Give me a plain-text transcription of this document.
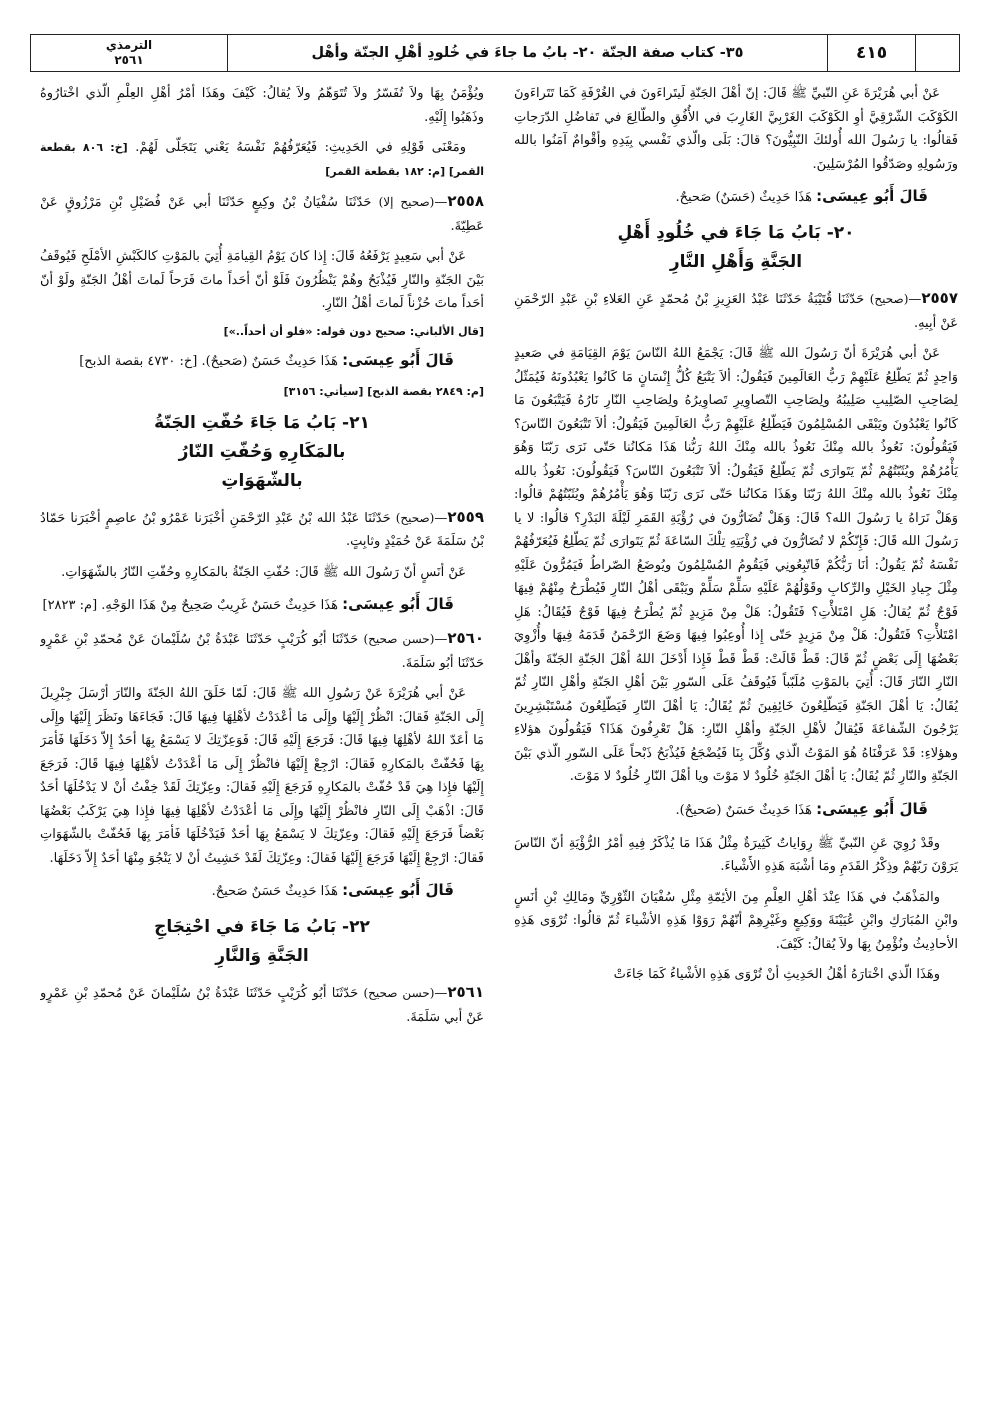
٤١٥
٣٥- كتاب صفة الجنّة ٢٠- بابُ ما جاءَ في خُلودِ أهْلِ الجنّة وأهْل
الترمذي
٢٥٦١

عَنْ أبي هُرَيْرَةَ عَنِ النّبيِّ ﷺ قَالَ: إنّ أهْلَ الجَنّةِ لَيتَراءَونَ في الغُرْفَةِ كَمَا تَتَراءَونَ الكَوْكَبَ الشّرْقِيَّ أوِ الكَوْكَبَ الغَرْبِيَّ الغَارِبَ في الأُفُقِ والطّالِعَ في تَفاضُلِ الدّرَجاتِ فَقالُوا: يا رَسُولَ الله أُولئكَ النّبِيُّونَ؟ قالَ: بَلَى والّذي نَفْسي بِيَدِهِ وأقْوامٌ آمَنُوا بالله ورَسُولِهِ وصَدّقُوا المُرْسَلِينَ.

قَالَ أَبُو عِيسَى: هَذَا حَدِيثٌ (حَسَنٌ) صَحيحٌ.
٢٠- بَابُ مَا جَاءَ في خُلُودِ أَهْلِ
الجَنَّةِ وَأَهْلِ النَّارِ

٢٥٥٧—(صحيح) حَدّثَنَا قُتَيْبَةُ حَدّثَنَا عَبْدُ العَزِيزِ بْنُ مُحمّدٍ عَنِ العَلاءِ بْنِ عَبْدِ الرّحْمَنِ عَنْ أبِيهِ.

عَنْ أبي هُرَيْرَةَ أنّ رَسُولَ الله ﷺ قَالَ: يَجْمَعُ اللهُ النّاسَ يَوْمَ القِيَامَةِ في صَعيدٍ وَاحِدٍ ثُمّ يَطّلِعُ عَلَيْهِمْ رَبُّ العَالَمِينَ فَيَقُولُ: ألاَ يَتْبَعُ كُلُّ إِنْسَانٍ مَا كَانُوا يَعْبُدُونَهُ فَيُمَثّلُ لِصَاحِبِ الصّلِيبِ صَلِيبُهُ ولِصَاحِبِ التّصاوِيرِ تَصاوِيرُهُ ولِصَاحِبِ النّارِ نَارُهُ فَيَتْبَعُونَ مَا كَانُوا يَعْبُدُونَ ويَبْقَى المُسْلِمُونَ فَيَطّلِعُ عَلَيْهِمْ رَبُّ العَالَمِينَ فَيَقُولُ: ألاَ تَتْبَعُونَ النّاسَ؟ فَيَقُولُونَ: نَعُوذُ بالله مِنْكَ نَعُوذُ بالله مِنْكَ اللهُ رَبُّنا هَذَا مَكانُنا حَتّى نَرَى رَبّنَا وَهُوَ يَأْمُرُهُمْ ويُثَبّتُهُمْ ثُمّ يَتَوارَى ثُمّ يَطّلِعُ فَيَقُولُ: ألاَ تَتْبَعُونَ النّاسَ؟ فَيَقُولُونَ: نَعُوذُ بالله مِنْكَ نَعُوذُ بالله مِنْكَ اللهُ رَبّنَا وهَذَا مَكانُنا حَتّى نَرَى رَبّنَا وَهُوَ يَأْمُرُهُمْ ويُثَبّتُهُمْ قالُوا: وَهَلْ نَرَاهُ يا رَسُولَ الله؟ قَالَ: وَهَلْ تُضَارُّونَ في رُؤْيَةِ القَمَرِ لَيْلَةَ البَدْرِ؟ قالُوا: لا يا رَسُولَ الله قَالَ: فَإِنّكُمْ لا تُضَارُّونَ في رُؤْيَتِهِ تِلْكَ السّاعَةَ ثُمّ يَتَوارَى ثُمّ يَطّلِعُ فَيُعَرّفُهُمْ نَفْسَهُ ثُمّ يَقُولُ: أنَا رَبُّكُمْ فَاتّبِعُونِي فَيَقُومُ المُسْلِمُونَ ويُوضَعُ الصّراطُ فَيَمُرُّونَ عَلَيْهِ مِثْلَ جِيادِ الخَيْلِ والرِّكابِ وقَوْلُهُمْ عَلَيْهِ سَلِّمْ سَلِّمْ ويَبْقَى أهْلُ النّارِ فَيُطْرَحُ مِنْهُمْ فِيهَا فَوْجٌ ثُمّ يُقالُ: هَلِ امْتَلأْتِ؟ فَتَقُولُ: هَلْ مِنْ مَزِيدٍ ثُمّ يُطْرَحُ فِيهَا فَوْجٌ فَيُقَالُ: هَلِ امْتَلأْتِ؟ فَتَقُولُ: هَلْ مِنْ مَزِيدٍ حَتّى إِذا أُوعِبُوا فِيهَا وَضَعَ الرّحْمَنُ قَدَمَهُ فِيهَا وأُزْوِيَ بَعْضُهَا إِلَى بَعْضٍ ثُمّ قَالَ: قَطْ قَالَتْ: قَطْ قَطْ فَإِذا أَدْخَلَ اللهُ أهْلَ الجَنّةِ الجَنّةَ وأهْلَ النّارِ النّارَ قَالَ: أُتِيَ بالمَوْتِ مُلَبّباً فَيُوقَفُ عَلَى السّورِ بَيْنَ أهْلِ الجَنّةِ وأهْلِ النّارِ ثُمّ يُقَالُ: يَا أهْلَ الجَنّةِ فَيَطّلِعُونَ خَائِفِينَ ثُمّ يُقَالُ: يَا أهْلَ النّارِ فَيَطّلِعُونَ مُسْتَبْشِرِينَ يَرْجُونَ الشّفاعَةَ فَيُقالُ لأهْلِ الجَنّةِ وأهْلِ النّارِ: هَلْ تَعْرِفُونَ هَذَا؟ فَيَقُولُونَ هؤلاءِ وهؤلاءِ: قَدْ عَرَفْنَاهُ هُوَ المَوْتُ الّذي وُكِّلَ بِنَا فَيُضْجَعُ فَيُذْبَحُ ذَبْحاً عَلَى السّورِ الّذي بَيْنَ الجَنّةِ والنّارِ ثُمّ يُقَالُ: يَا أهْلَ الجَنّةِ خُلُودٌ لا مَوْتَ ويا أهْلَ النّارِ خُلُودٌ لا مَوْتَ.

قَالَ أَبُو عِيسَى: هَذَا حَدِيثٌ حَسَنٌ (صَحيحٌ).

وقَدْ رُوِيَ عَنِ النّبيِّ ﷺ رِوَاياتٌ كَثِيرَةٌ مِثْلُ هَذَا مَا يُذْكَرُ فِيهِ أمْرُ الرُّؤْيَةِ أنّ النّاسَ يَرَوْنَ رَبّهُمْ وذِكْرُ القَدَمِ ومَا أشْبَهَ هَذِهِ الأَشْياءَ.

والمَذْهَبُ في هَذَا عِنْدَ أهْلِ العِلْمِ مِنَ الأئِمّةِ مِثْلِ سُفْيَانَ الثّوْرِيِّ ومَالِكِ بْنِ أنَسٍ وابْنِ المُبَارَكِ وابْنِ عُيَيْنَةَ ووَكِيعٍ وغَيْرِهِمْ أنّهُمْ رَوَوْا هَذِهِ الأشْياءَ ثُمّ قالُوا: تُرْوَى هَذِهِ الأحادِيثُ ونُؤْمِنُ بِهَا ولاَ يُقالُ: كَيْفَ.

وهَذَا الّذي اخْتارَهُ أهْلُ الحَدِيثِ أنْ تُرْوَى هَذِهِ الأشْياءُ كَمَا جَاءَتْ

ويُؤْمَنُ بِهَا ولاَ تُفَسّرُ ولاَ تُتَوَهّمُ ولاَ يُقالُ: كَيْفَ وهَذَا أمْرُ أهْلِ العِلْمِ الّذي اخْتارُوهُ وذَهَبُوا إِلَيْهِ.

ومَعْنَى قَوْلِهِ في الحَدِيثِ: فَيُعَرّفُهُمْ نَفْسَهُ يَعْني يَتَجَلّى لَهُمْ. [خ: ٨٠٦ بقطعة القمر] [م: ١٨٢ بقطعة القمر]

٢٥٥٨—(صحيح إلا) حَدّثَنَا سُفْيَانُ بْنُ وكِيعٍ حَدّثَنَا أبي عَنْ فُضَيْلِ بْنِ مَرْزُوقٍ عَنْ عَطِيّةَ.

عَنْ أبي سَعِيدٍ يَرْفَعُهُ قَالَ: إِذا كانَ يَوْمُ القِيامَةِ أُتِيَ بالمَوْتِ كالكَبْشِ الأمْلَحِ فَيُوقَفُ بَيْنَ الجَنّةِ والنّارِ فَيُذْبَحُ وهُمْ يَنْظُرُونَ فَلَوْ أنّ أحَداً ماتَ فَرَحاً لَماتَ أهْلُ الجَنّةِ ولَوْ أنّ أحَداً ماتَ حُزْناً لَماتَ أهْلُ النّارِ.

[قال الألباني: صحيح دون قوله: «فلو أن أحداً..»]
قَالَ أَبُو عِيسَى: هَذَا حَدِيثٌ حَسَنٌ (صَحيحٌ). [خ: ٤٧٣٠ بقصة الذبح]
[م: ٢٨٤٩ بقصة الذبح] [سيأتي: ٣١٥٦]
٢١- بَابُ مَا جَاءَ حُفّتِ الجَنّةُ
بالمَكَارِهِ وَحُفّتِ النّارُ
بالشّهَوَاتِ

٢٥٥٩—(صحيح) حَدّثَنَا عَبْدُ الله بْنُ عَبْدِ الرّحْمَنِ أخْبَرَنا عَمْرُو بْنُ عاصِمٍ أخْبَرَنا حَمّادُ بْنُ سَلَمَةَ عَنْ حُمَيْدٍ وثابِتٍ.

عَنْ أنَسٍ أنّ رَسُولَ الله ﷺ قَالَ: حُفّتِ الجَنّةُ بالمَكارِهِ وحُفّتِ النّارُ بالشّهَوَاتِ.

قَالَ أَبُو عِيسَى: هَذَا حَدِيثٌ حَسَنٌ غَرِيبٌ صَحِيحٌ مِنْ هَذَا الوَجْهِ. [م: ٢٨٢٣]

٢٥٦٠—(حسن صحيح) حَدّثَنَا أبُو كُرَيْبٍ حَدّثَنَا عَبْدَةُ بْنُ سُلَيْمانَ عَنْ مُحمّدِ بْنِ عَمْرٍو حَدّثَنَا أبُو سَلَمَةَ.

عَنْ أبي هُرَيْرَةَ عَنْ رَسُولِ الله ﷺ قَالَ: لَمّا خَلَقَ اللهُ الجَنّةَ والنّارَ أرْسَلَ جِبْرِيلَ إِلَى الجَنّةِ فَقالَ: انْظُرْ إِلَيْهَا وإِلَى مَا أعْدَدْتُ لأهْلِهَا فِيهَا قَالَ: فَجَاءَهَا ونَظَرَ إِلَيْهَا وإِلَى مَا أعَدّ اللهُ لأهْلِهَا فِيهَا قَالَ: فَرَجَعَ إِلَيْهِ قَالَ: فَوَعِزّتِكَ لا يَسْمَعُ بِهَا أحَدٌ إِلاّ دَخَلَهَا فَأمَرَ بِهَا فَحُفّتْ بالمَكارِهِ فَقالَ: ارْجِعْ إِلَيْهَا فانْظُرْ إِلَى مَا أعْدَدْتُ لأهْلِهَا فِيهَا قَالَ: فَرَجَعَ إِلَيْهَا فإِذا هِيَ قَدْ حُفّتْ بالمَكارِهِ فَرَجَعَ إِلَيْهِ فَقالَ: وعِزّتِكَ لَقَدْ خِفْتُ أنْ لا يَدْخُلَهَا أحَدٌ قَالَ: اذْهَبْ إِلَى النّارِ فانْظُرْ إِلَيْهَا وإِلَى مَا أعْدَدْتُ لأهْلِهَا فِيهَا فإِذا هِيَ يَرْكَبُ بَعْضُهَا بَعْضاً فَرَجَعَ إِلَيْهِ فَقالَ: وعِزّتِكَ لا يَسْمَعُ بِهَا أحَدٌ فَيَدْخُلَهَا فَأمَرَ بِهَا فَحُفّتْ بالشّهَوَاتِ فَقالَ: ارْجِعْ إِلَيْهَا فَرَجَعَ إِلَيْهَا فَقالَ: وعِزّتِكَ لَقَدْ خَشِيتُ أنْ لا يَنْجُوَ مِنْهَا أحَدٌ إِلاّ دَخَلَهَا.

قَالَ أَبُو عِيسَى: هَذَا حَدِيثٌ حَسَنٌ صَحيحٌ.
٢٢- بَابُ مَا جَاءَ في احْتِجَاجِ
الجَنَّةِ وَالنَّارِ

٢٥٦١—(حسن صحيح) حَدّثَنَا أبُو كُرَيْبٍ حَدّثَنَا عَبْدَةُ بْنُ سُلَيْمانَ عَنْ مُحمّدِ بْنِ عَمْرٍو عَنْ أبي سَلَمَةَ.
